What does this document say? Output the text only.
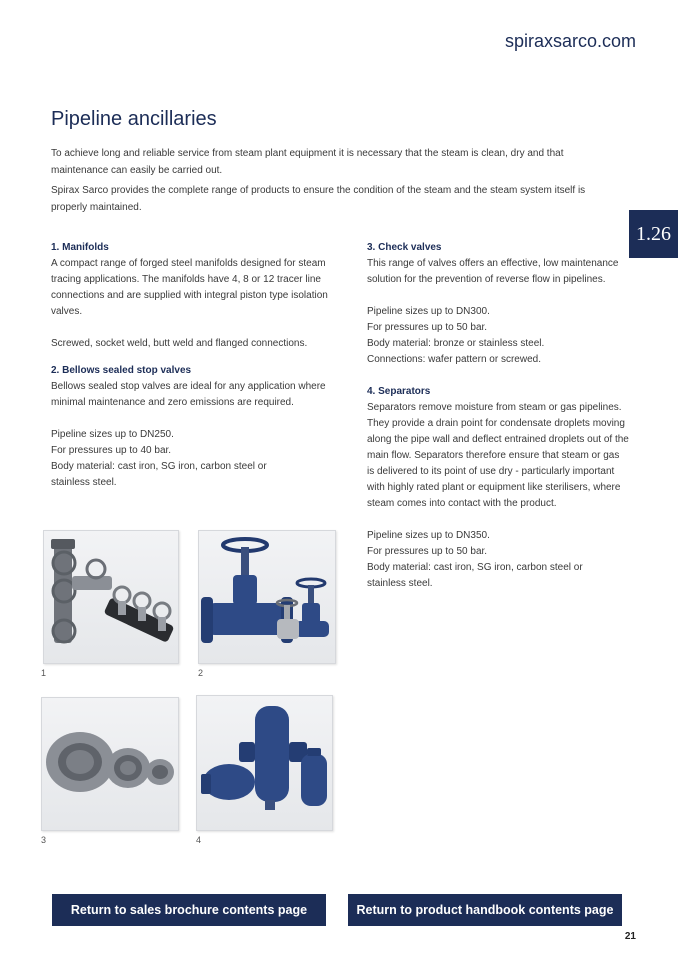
spiraxsarco.com
Pipeline ancillaries

To achieve long and reliable service from steam plant equipment it is necessary that the steam is clean, dry and that maintenance can easily be carried out.

Spirax Sarco provides the complete range of products to ensure the condition of the steam and the steam system itself is properly maintained.

1.26
1. Manifolds

A compact range of forged steel manifolds designed for steam tracing applications. The manifolds have 4, 8 or 12 tracer line connections and are supplied with integral piston type isolation valves.

Screwed, socket weld, butt weld and flanged connections.

2. Bellows sealed stop valves

Bellows sealed stop valves are ideal for any application where minimal maintenance and zero emissions are required.

Pipeline sizes up to DN250.
For pressures up to 40 bar.
Body material: cast iron, SG iron, carbon steel or
stainless steel.
3. Check valves

This range of valves offers an effective, low maintenance solution for the prevention of reverse flow in pipelines.

Pipeline sizes up to DN300.
For pressures up to 50 bar.
Body material: bronze or stainless steel.
Connections: wafer pattern or screwed.
4. Separators

Separators remove moisture from steam or gas pipelines. They provide a drain point for condensate droplets moving along the pipe wall and deflect entrained droplets out of the main flow. Separators therefore ensure that steam or gas is delivered to its point of use dry - particularly important with highly rated plant or equipment like sterilisers, where steam comes into contact with the product.

Pipeline sizes up to DN350.
For pressures up to 50 bar.
Body material: cast iron, SG iron, carbon steel or
stainless steel.
1	2
3	4
Return to sales brochure contents page	Return to product handbook contents page
21
